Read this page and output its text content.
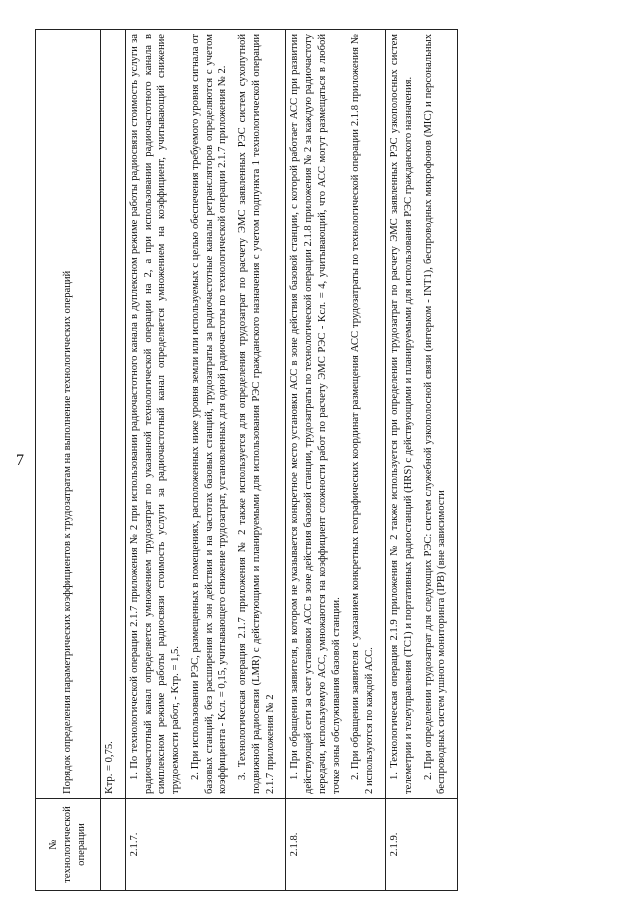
7
№ технологической операции	Порядок определения параметрических коэффициентов к трудозатратам на выполнение технологических операций

	Kтр. = 0,75.

2.1.7.	1. По технологической операции 2.1.7 приложения № 2 при использовании радиочастотного канала в дуплексном режиме работы радиосвязи стоимость услуги за радиочастотный канал определяется умножением трудозатрат по указанной технологической операции на 2, а при использовании радиочастотного канала в симплексном режиме работы радиосвязи стоимость услуги за радиочастотный канал определяется умножением на коэффициент, учитывающий снижение трудоемкости работ, - Kтр. = 1,5. 2. При использовании РЭС, размещенных в помещениях, расположенных ниже уровня земли или используемых с целью обеспечения требуемого уровня сигнала от базовых станций, без расширения их зон действия и на частотах базовых станций, трудозатраты за радиочастотные каналы ретрансляторов определяются с учетом коэффициента - Kсл. = 0,15, учитывающего снижение трудозатрат, установленных для одной радиочастоты по технологической операции 2.1.7 приложения № 2. 3. Технологическая операция 2.1.7 приложения № 2 также используется для определения трудозатрат по расчету ЭМС заявленных РЭС систем сухопутной подвижной радиосвязи (LMR) с действующими и планируемыми для использования РЭС гражданского назначения с учетом подпункта 1 технологической операции 2.1.7 приложения № 2

2.1.8.	1. При обращении заявителя, в котором не указывается конкретное место установки АСС в зоне действия базовой станции, с которой работает АСС при развитии действующей сети за счет установки АСС в зоне действия базовой станции, трудозатраты по технологической операции 2.1.8 приложения № 2 за каждую радиочастоту передачи, используемую АСС, умножаются на коэффициент сложности работ по расчету ЭМС РЭС - Kсл. = 4, учитывающий, что АСС могут размещаться в любой точке зоны обслуживания базовой станции. 2. При обращении заявителя с указанием конкретных географических координат размещения АСС трудозатраты по технологической операции 2.1.8 приложения № 2 используются по каждой АСС.

2.1.9.	1. Технологическая операция 2.1.9 приложения № 2 также используется при определении трудозатрат по расчету ЭМС заявленных РЭС узкополосных систем телеметрии и телеуправления (TC1) и портативных радиостанций (HRS) с действующими и планируемыми для использования РЭС гражданского назначения. 2. При определении трудозатрат для следующих РЭС: систем служебной узкополосной связи (интерком - INT1), беспроводных микрофонов (MIC) и персональных беспроводных систем ушного мониторинга (IPB) (вне зависимости
